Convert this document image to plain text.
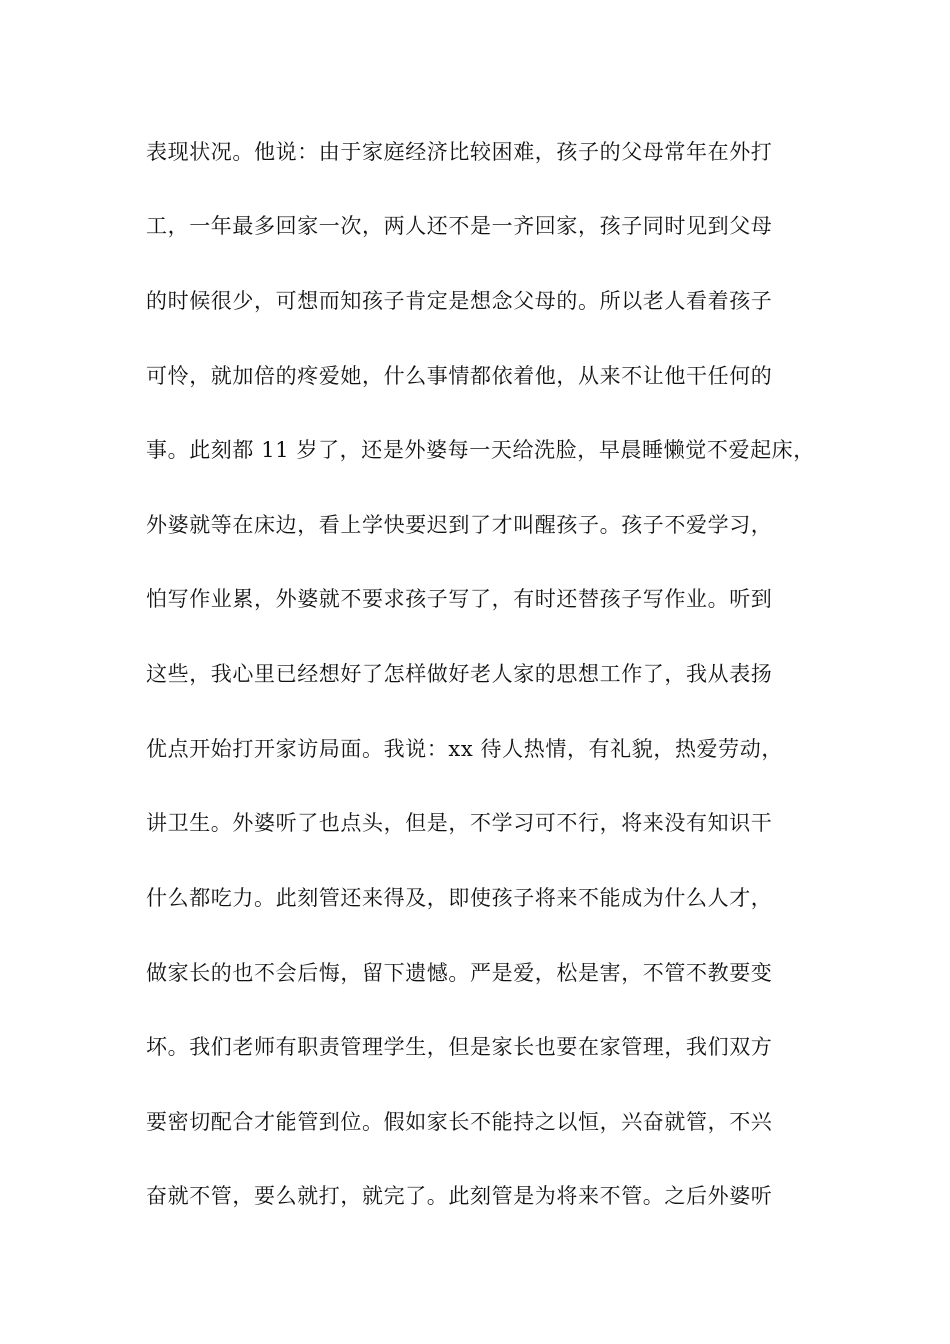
表现状况。他说：由于家庭经济比较困难，孩子的父母常年在外打
工，一年最多回家一次，两人还不是一齐回家，孩子同时见到父母
的时候很少，可想而知孩子肯定是想念父母的。所以老人看着孩子
可怜，就加倍的疼爱她，什么事情都依着他，从来不让他干任何的
事。此刻都 11 岁了，还是外婆每一天给洗脸，早晨睡懒觉不爱起床，
外婆就等在床边，看上学快要迟到了才叫醒孩子。孩子不爱学习，
怕写作业累，外婆就不要求孩子写了，有时还替孩子写作业。听到
这些，我心里已经想好了怎样做好老人家的思想工作了，我从表扬
优点开始打开家访局面。我说：xx 待人热情，有礼貌，热爱劳动，
讲卫生。外婆听了也点头，但是，不学习可不行，将来没有知识干
什么都吃力。此刻管还来得及，即使孩子将来不能成为什么人才，
做家长的也不会后悔，留下遗憾。严是爱，松是害，不管不教要变
坏。我们老师有职责管理学生，但是家长也要在家管理，我们双方
要密切配合才能管到位。假如家长不能持之以恒，兴奋就管，不兴
奋就不管，要么就打，就完了。此刻管是为将来不管。之后外婆听
